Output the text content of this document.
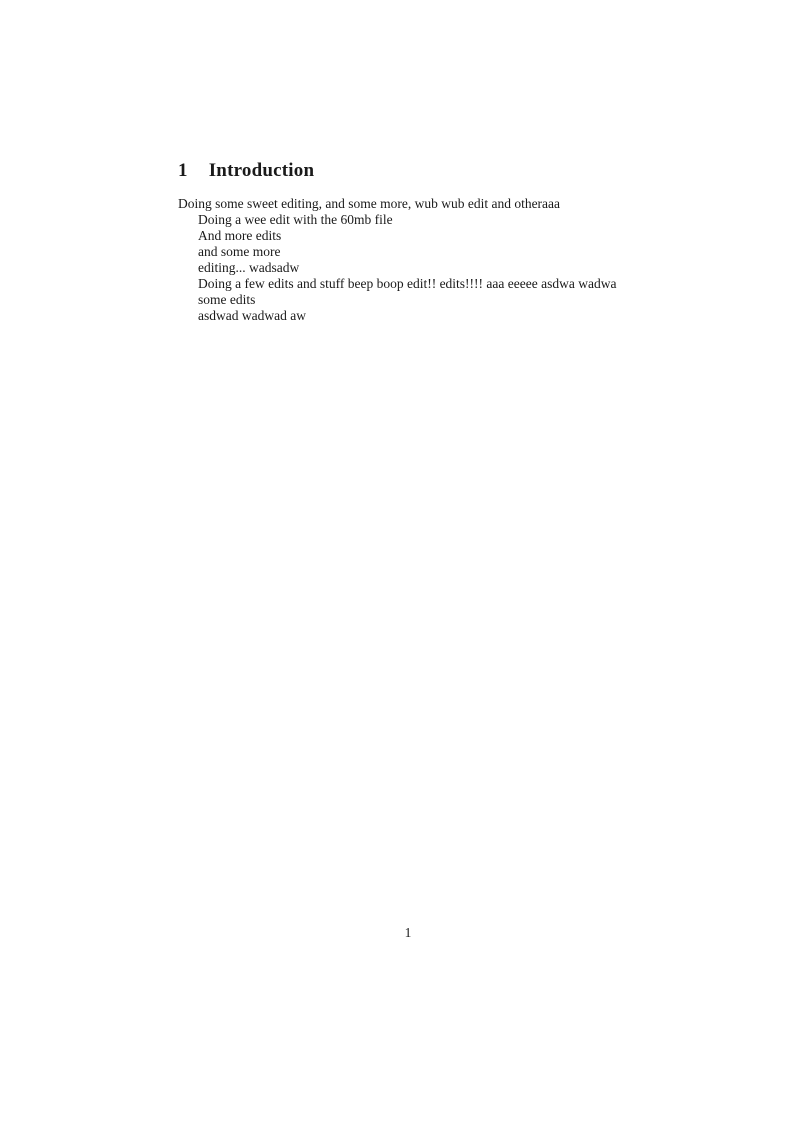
1 Introduction
Doing some sweet editing, and some more, wub wub edit and otheraaa
Doing a wee edit with the 60mb file
And more edits
and some more
editing... wadsadw
Doing a few edits and stuff beep boop edit!! edits!!!! aaa eeeee asdwa wadwa
some edits
asdwad wadwad aw
1
